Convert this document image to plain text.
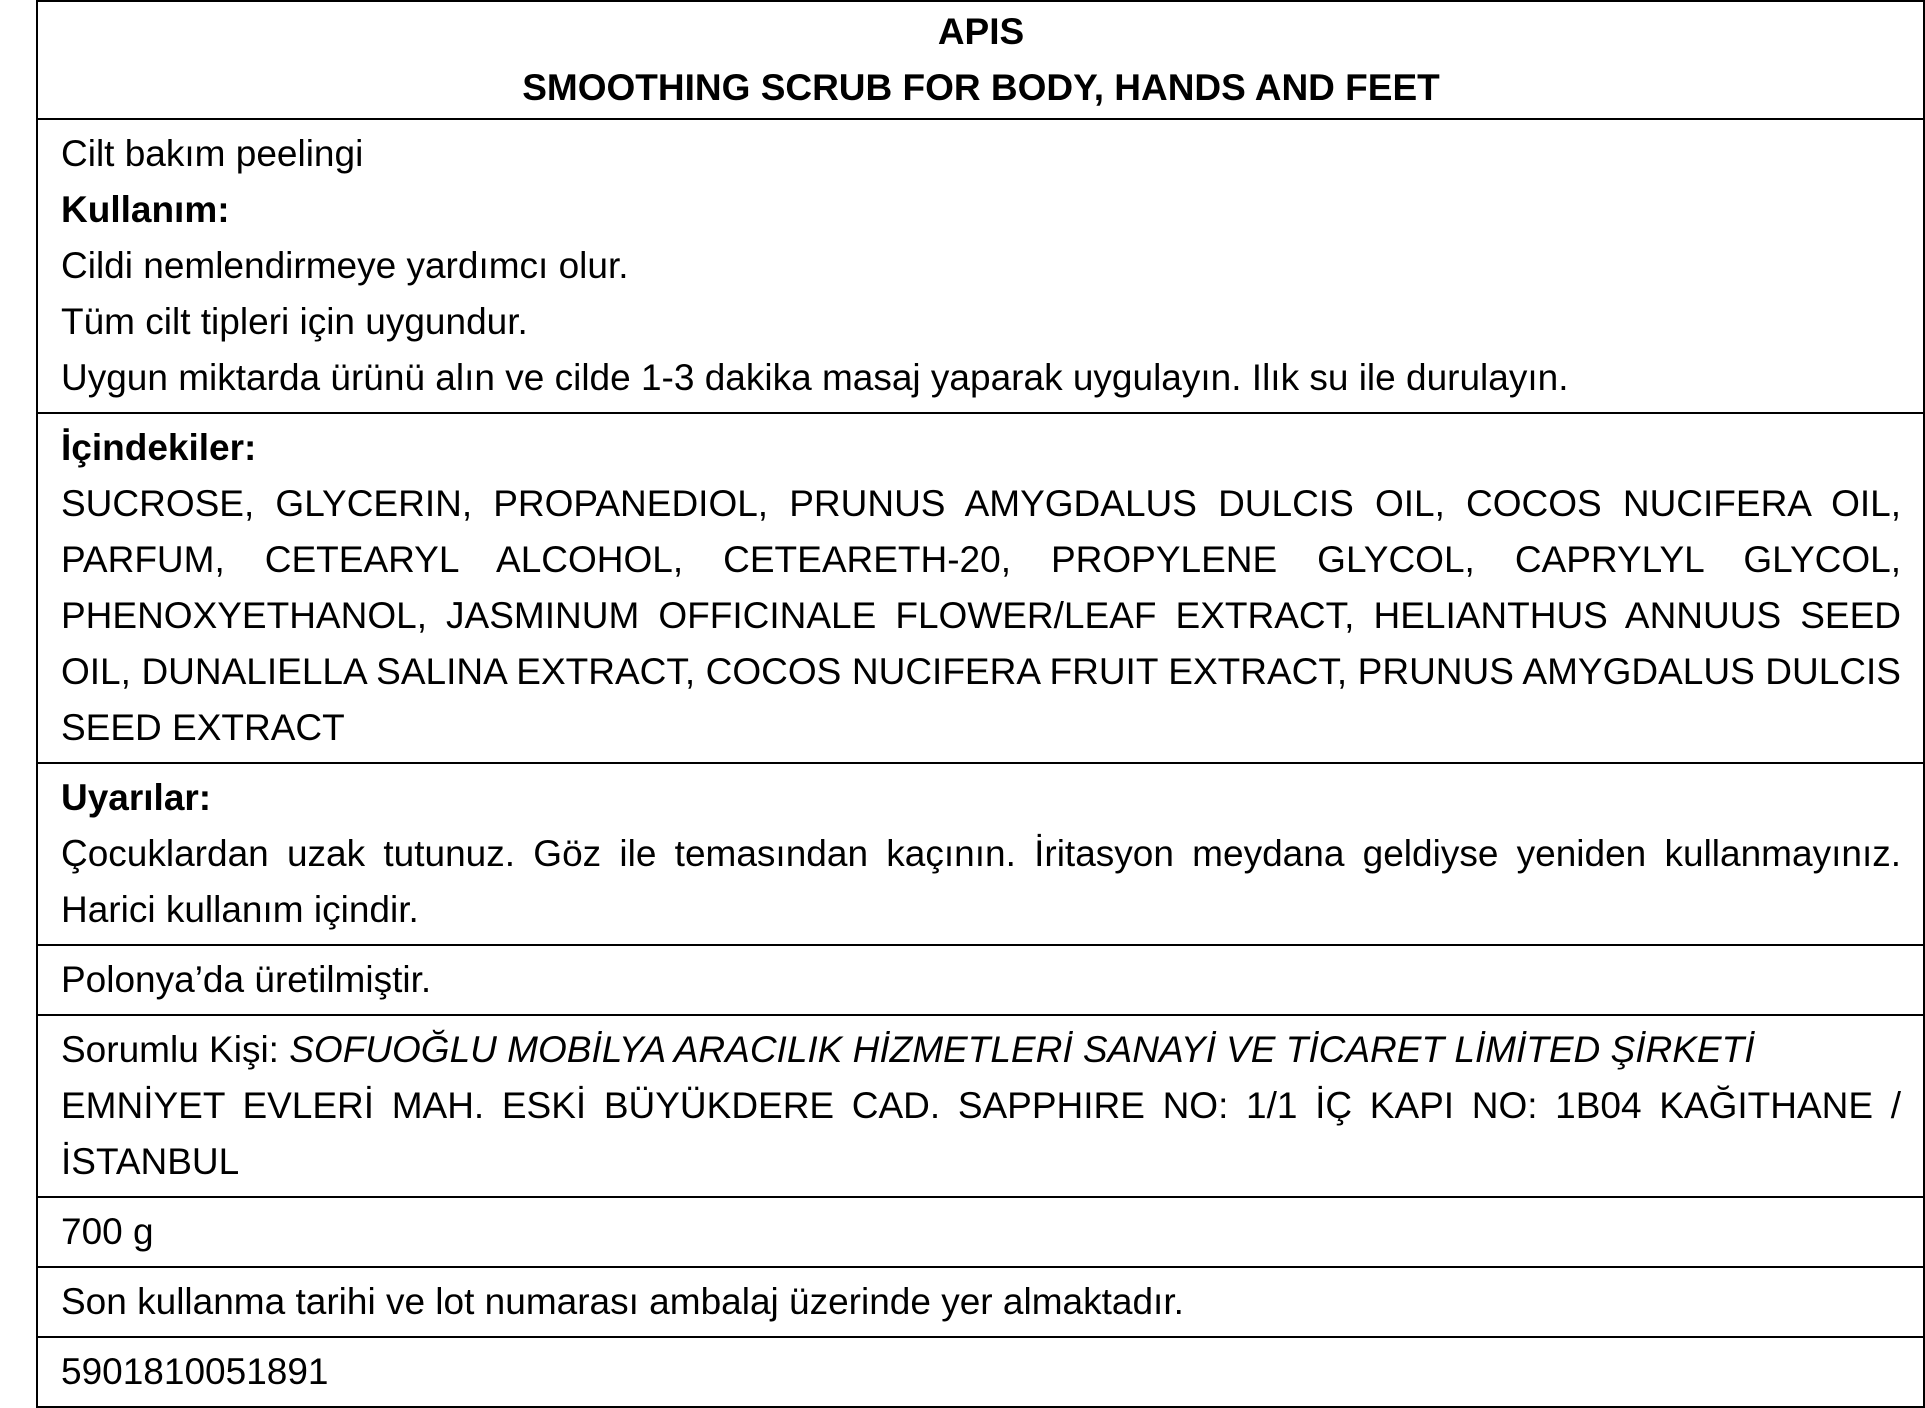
APIS
SMOOTHING SCRUB FOR BODY, HANDS AND FEET

Cilt bakım peelingi
Kullanım:
Cildi nemlendirmeye yardımcı olur.
Tüm cilt tipleri için uygundur.
Uygun miktarda ürünü alın ve cilde 1-3 dakika masaj yaparak uygulayın. Ilık su ile durulayın.

İçindekiler:
SUCROSE, GLYCERIN, PROPANEDIOL, PRUNUS AMYGDALUS DULCIS OIL, COCOS NUCIFERA OIL, PARFUM, CETEARYL ALCOHOL, CETEARETH-20, PROPYLENE GLYCOL, CAPRYLYL GLYCOL, PHENOXYETHANOL, JASMINUM OFFICINALE FLOWER/LEAF EXTRACT, HELIANTHUS ANNUUS SEED OIL, DUNALIELLA SALINA EXTRACT, COCOS NUCIFERA FRUIT EXTRACT, PRUNUS AMYGDALUS DULCIS SEED EXTRACT

Uyarılar:
Çocuklardan uzak tutunuz. Göz ile temasından kaçının. İritasyon meydana geldiyse yeniden kullanmayınız. Harici kullanım içindir.

Polonya’da üretilmiştir.

Sorumlu Kişi: SOFUOĞLU MOBİLYA ARACILIK HİZMETLERİ SANAYİ VE TİCARET LİMİTED ŞİRKETİ
EMNİYET EVLERİ MAH. ESKİ BÜYÜKDERE CAD. SAPPHIRE NO: 1/1 İÇ KAPI NO: 1B04 KAĞITHANE / İSTANBUL

700 g

Son kullanma tarihi ve lot numarası ambalaj üzerinde yer almaktadır.

5901810051891
